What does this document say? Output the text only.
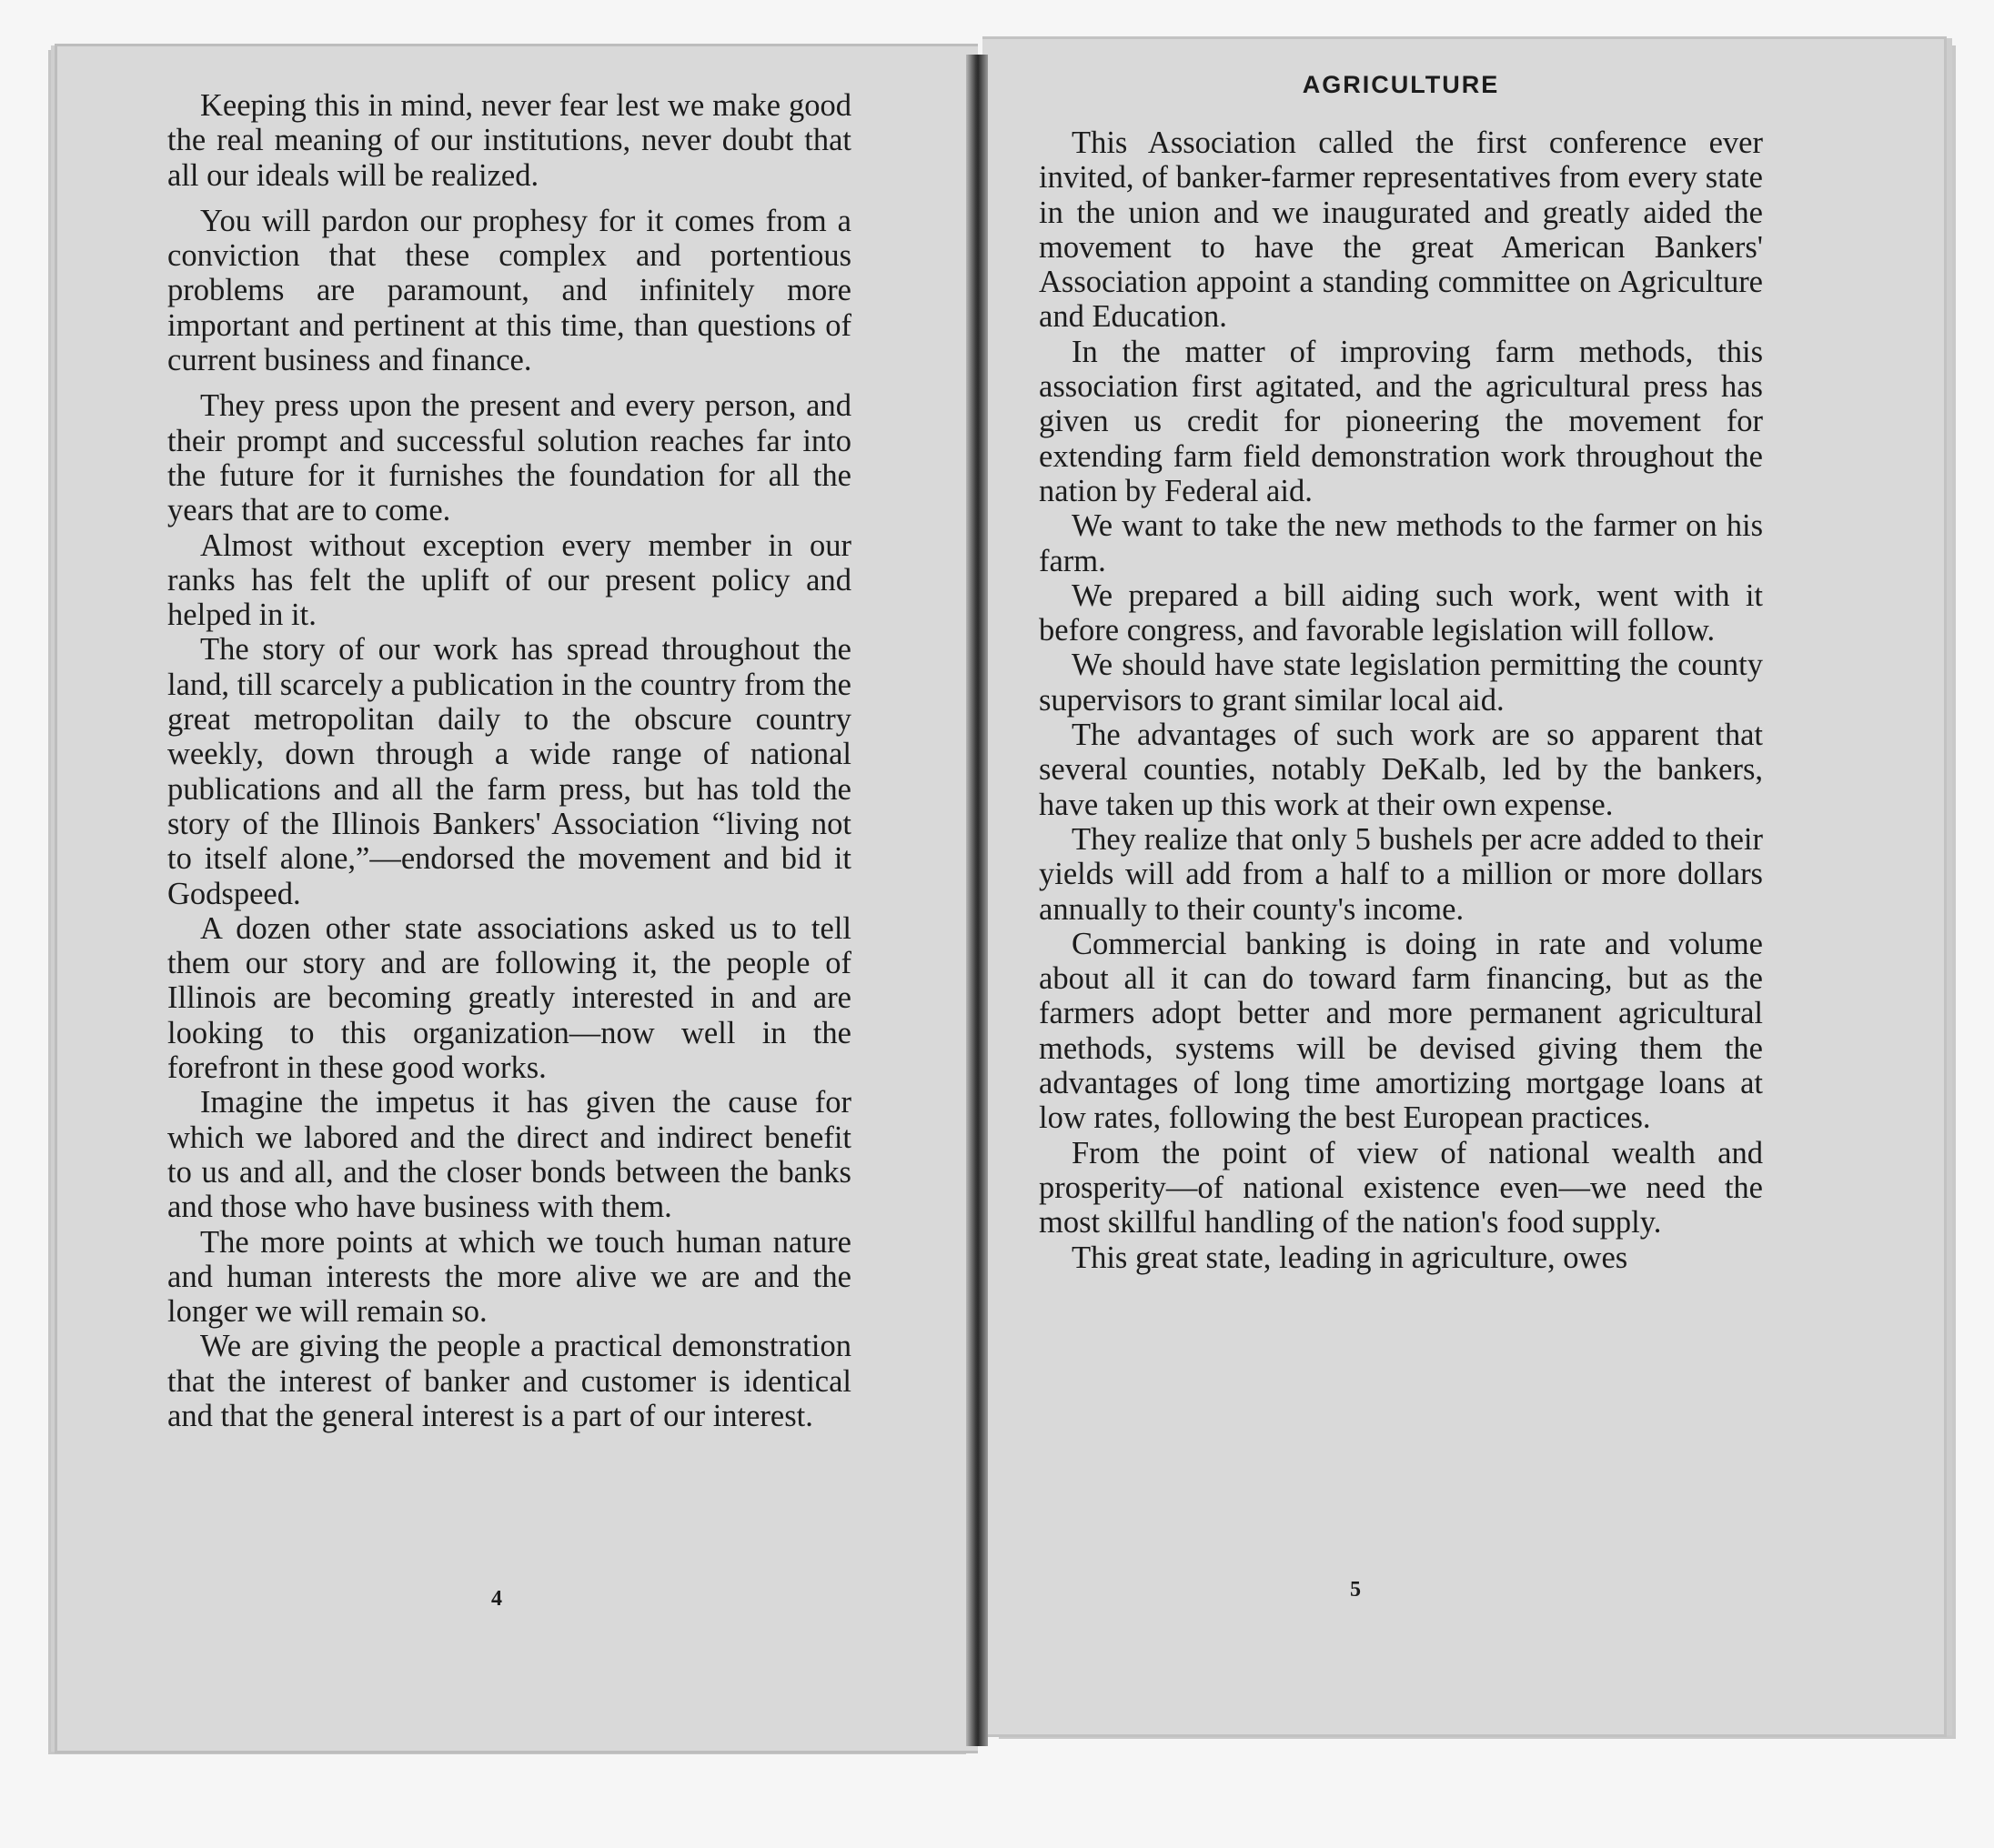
Keeping this in mind, never fear lest we make good the real meaning of our institutions, never doubt that all our ideals will be realized.

You will pardon our prophesy for it comes from a conviction that these complex and portentious problems are paramount, and infinitely more important and pertinent at this time, than questions of current business and finance.

They press upon the present and every person, and their prompt and successful solution reaches far into the future for it furnishes the foundation for all the years that are to come.

Almost without exception every member in our ranks has felt the uplift of our present policy and helped in it.

The story of our work has spread throughout the land, till scarcely a publication in the country from the great metropolitan daily to the obscure country weekly, down through a wide range of national publications and all the farm press, but has told the story of the Illinois Bankers' Association “living not to itself alone,”—endorsed the movement and bid it Godspeed.

A dozen other state associations asked us to tell them our story and are following it, the people of Illinois are becoming greatly interested in and are looking to this organization—now well in the forefront in these good works.

Imagine the impetus it has given the cause for which we labored and the direct and indirect benefit to us and all, and the closer bonds between the banks and those who have business with them.

The more points at which we touch human nature and human interests the more alive we are and the longer we will remain so.

We are giving the people a practical demonstration that the interest of banker and customer is identical and that the general interest is a part of our interest.

4
AGRICULTURE

This Association called the first conference ever invited, of banker-farmer representatives from every state in the union and we inaugurated and greatly aided the movement to have the great American Bankers' Association appoint a standing committee on Agriculture and Education.

In the matter of improving farm methods, this association first agitated, and the agricultural press has given us credit for pioneering the movement for extending farm field demonstration work throughout the nation by Federal aid.

We want to take the new methods to the farmer on his farm.

We prepared a bill aiding such work, went with it before congress, and favorable legislation will follow.

We should have state legislation permitting the county supervisors to grant similar local aid.

The advantages of such work are so apparent that several counties, notably DeKalb, led by the bankers, have taken up this work at their own expense.

They realize that only 5 bushels per acre added to their yields will add from a half to a million or more dollars annually to their county's income.

Commercial banking is doing in rate and volume about all it can do toward farm financing, but as the farmers adopt better and more permanent agricultural methods, systems will be devised giving them the advantages of long time amortizing mortgage loans at low rates, following the best European practices.

From the point of view of national wealth and prosperity—of national existence even—we need the most skillful handling of the nation's food supply.

This great state, leading in agriculture, owes

5
